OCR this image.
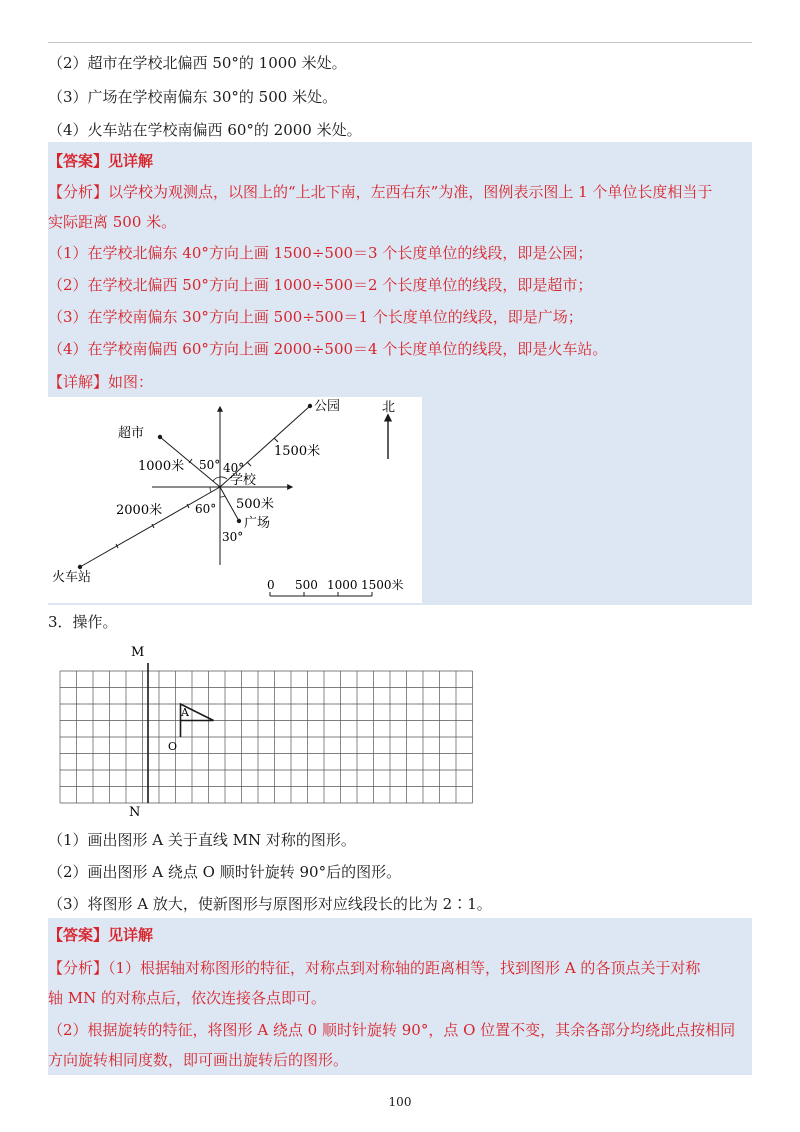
（2）超市在学校北偏西 50°的 1000 米处。
（3）广场在学校南偏东 30°的 500 米处。
（4）火车站在学校南偏西 60°的 2000 米处。
【答案】见详解
【分析】以学校为观测点，以图上的“上北下南，左西右东”为准，图例表示图上 1 个单位长度相当于
实际距离 500 米。
（1）在学校北偏东 40°方向上画 1500÷500＝3 个长度单位的线段，即是公园；
（2）在学校北偏西 50°方向上画 1000÷500＝2 个长度单位的线段，即是超市；
（3）在学校南偏东 30°方向上画 500÷500＝1 个长度单位的线段，即是广场；
（4）在学校南偏西 60°方向上画 2000÷500＝4 个长度单位的线段，即是火车站。
【详解】如图：
公园	北
超市
1500米
1000米 50° 40°
学校
500米
2000米	60°
广场
30°
火车站	0 500 1000 1500米
3．操作。
M
N
A
O
（1）画出图形 A 关于直线 MN 对称的图形。
（2）画出图形 A 绕点 O 顺时针旋转 90°后的图形。
（3）将图形 A 放大，使新图形与原图形对应线段长的比为 2∶1。
【答案】见详解
【分析】（1）根据轴对称图形的特征，对称点到对称轴的距离相等，找到图形 A 的各顶点关于对称
轴 MN 的对称点后，依次连接各点即可。
（2）根据旋转的特征，将图形 A 绕点 0 顺时针旋转 90°，点 O 位置不变，其余各部分均绕此点按相同
方向旋转相同度数，即可画出旋转后的图形。
100
